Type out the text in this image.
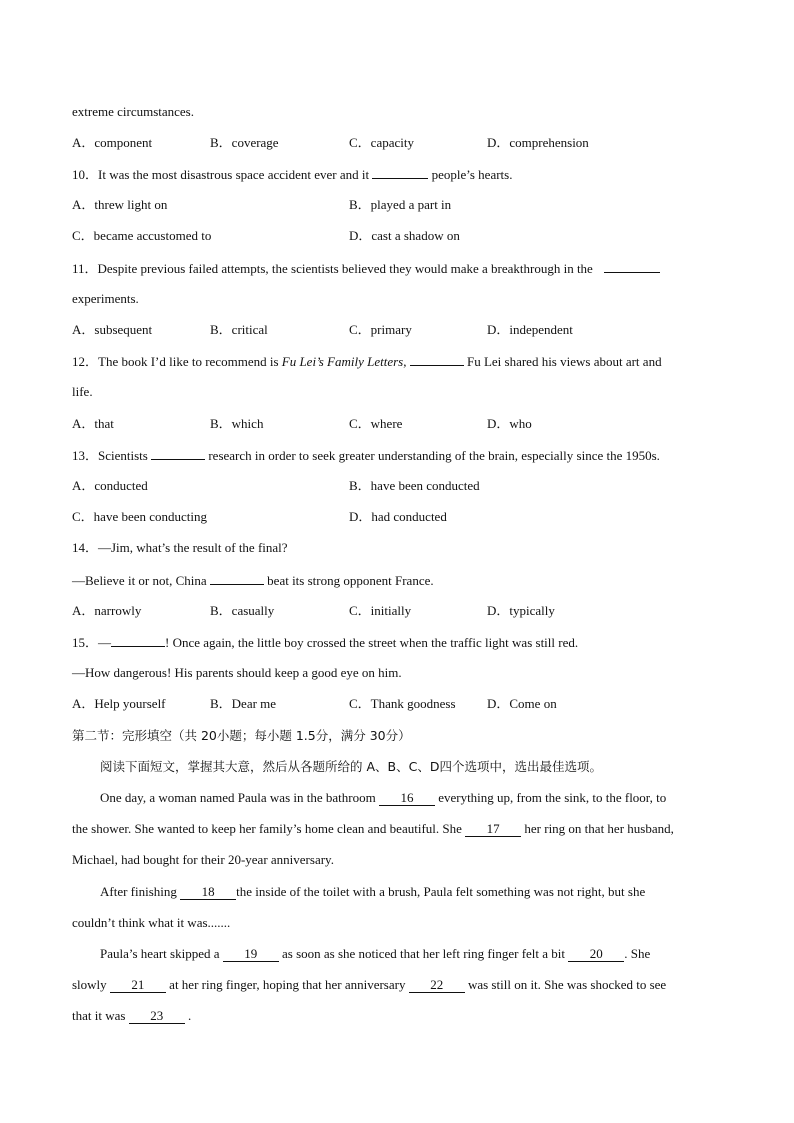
extreme circumstances.
A．component	B．coverage	C．capacity	D．comprehension
10．It was the most disastrous space accident ever and it	people’s hearts.
A．threw light on	B．played a part in
C．became accustomed to	D．cast a shadow on
11．Despite previous failed attempts, the scientists believed they would make a breakthrough in the
experiments.
A．subsequent	B．critical	C．primary	D．independent
12．The book I’d like to recommend is Fu Lei’s Family Letters,	Fu Lei shared his views about art and
life.
A．that	B．which	C．where	D．who
13．Scientists	research in order to seek greater understanding of the brain, especially since the 1950s.
A．conducted	B．have been conducted
C．have been conducting	D．had conducted
14．—Jim, what’s the result of the final?
—Believe it or not, China	beat its strong opponent France.
A．narrowly	B．casually	C．initially	D．typically
15．—	! Once again, the little boy crossed the street when the traffic light was still red.
—How dangerous! His parents should keep a good eye on him.
A．Help yourself	B．Dear me	C．Thank goodness D．Come on
第二节：完形填空（共 20小题；每小题 1.5分，满分 30分）
阅读下面短文，掌握其大意，然后从各题所给的 A、B、C、D四个选项中，选出最佳选项。
One day, a woman named Paula was in the bathroom 16 everything up, from the sink, to the floor, to
the shower. She wanted to keep her family’s home clean and beautiful. She 17 her ring on that her husband,
Michael, had bought for their 20-year anniversary.
After finishing 18 the inside of the toilet with a brush, Paula felt something was not right, but she
couldn’t think what it was.......
Paula’s heart skipped a 19 as soon as she noticed that her left ring finger felt a bit 20 . She
slowly 21 at her ring finger, hoping that her anniversary 22 was still on it. She was shocked to see
that it was 23 .
